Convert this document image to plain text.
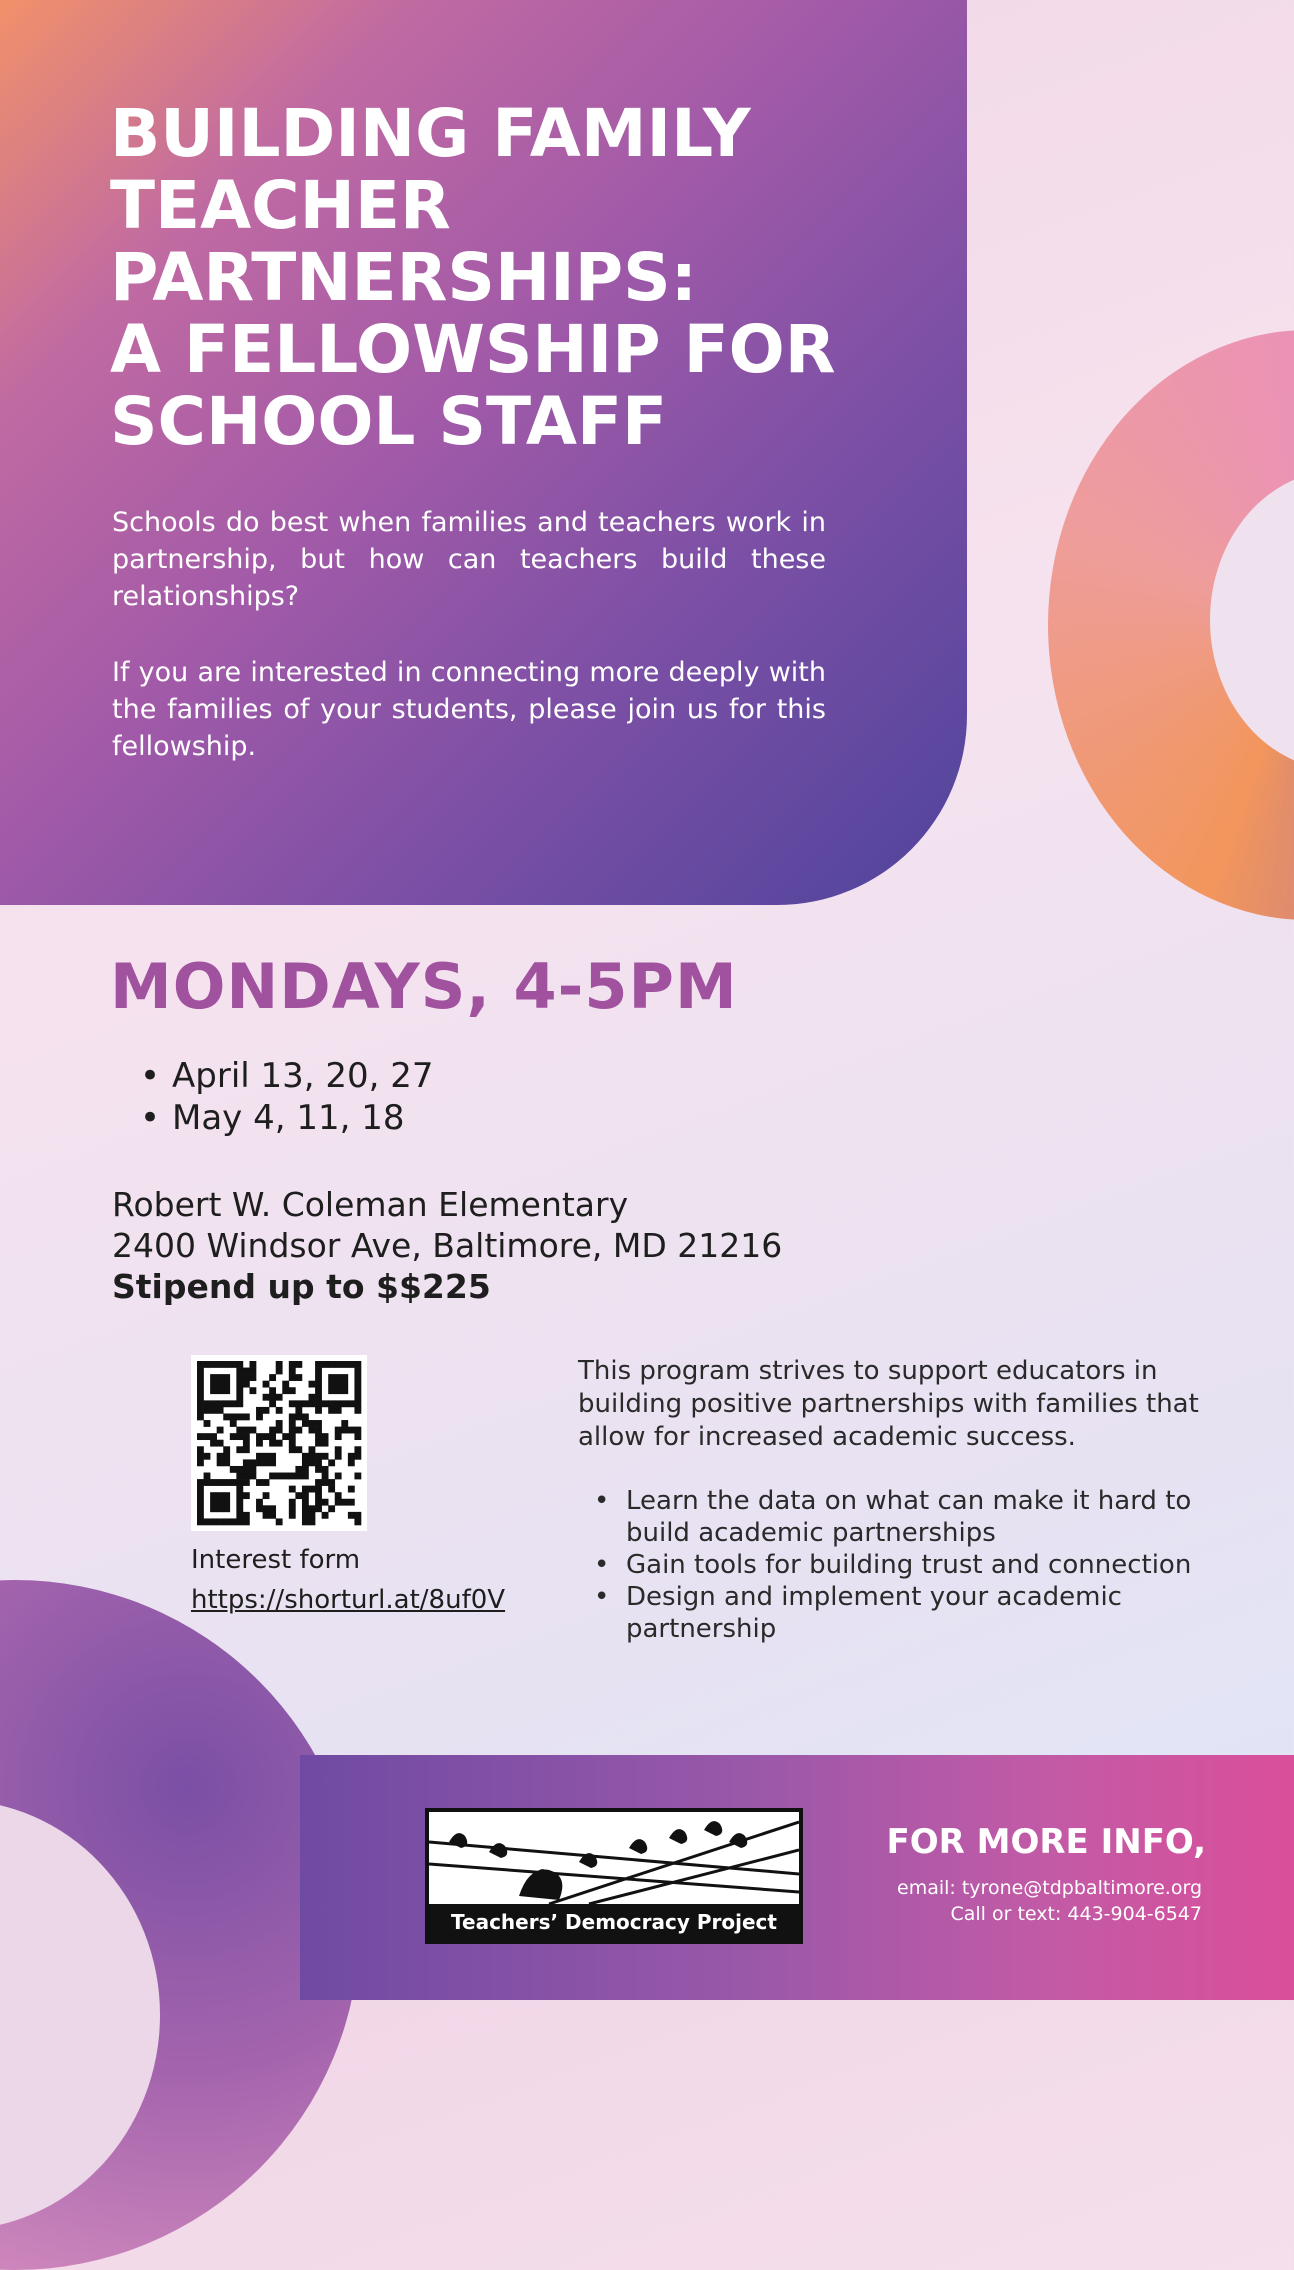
BUILDING FAMILY
TEACHER
PARTNERSHIPS:
A FELLOWSHIP FOR
SCHOOL STAFF

Schools do best when families and teachers work in partnership, but how can teachers build these relationships?

If you are interested in connecting more deeply with the families of your students, please join us for this fellowship.

MONDAYS, 4-5PM
• April 13, 20, 27
• May 4, 11, 18
Robert W. Coleman Elementary
2400 Windsor Ave, Baltimore, MD 21216
Stipend up to $$225
Interest form
https://shorturl.at/8uf0V

This program strives to support educators in building positive partnerships with families that allow for increased academic success.

• Learn the data on what can make it hard to build academic partnerships
• Gain tools for building trust and connection
• Design and implement your academic partnership
Teachers’ Democracy Project
FOR MORE INFO,
email: tyrone@tdpbaltimore.org
Call or text: 443-904-6547
